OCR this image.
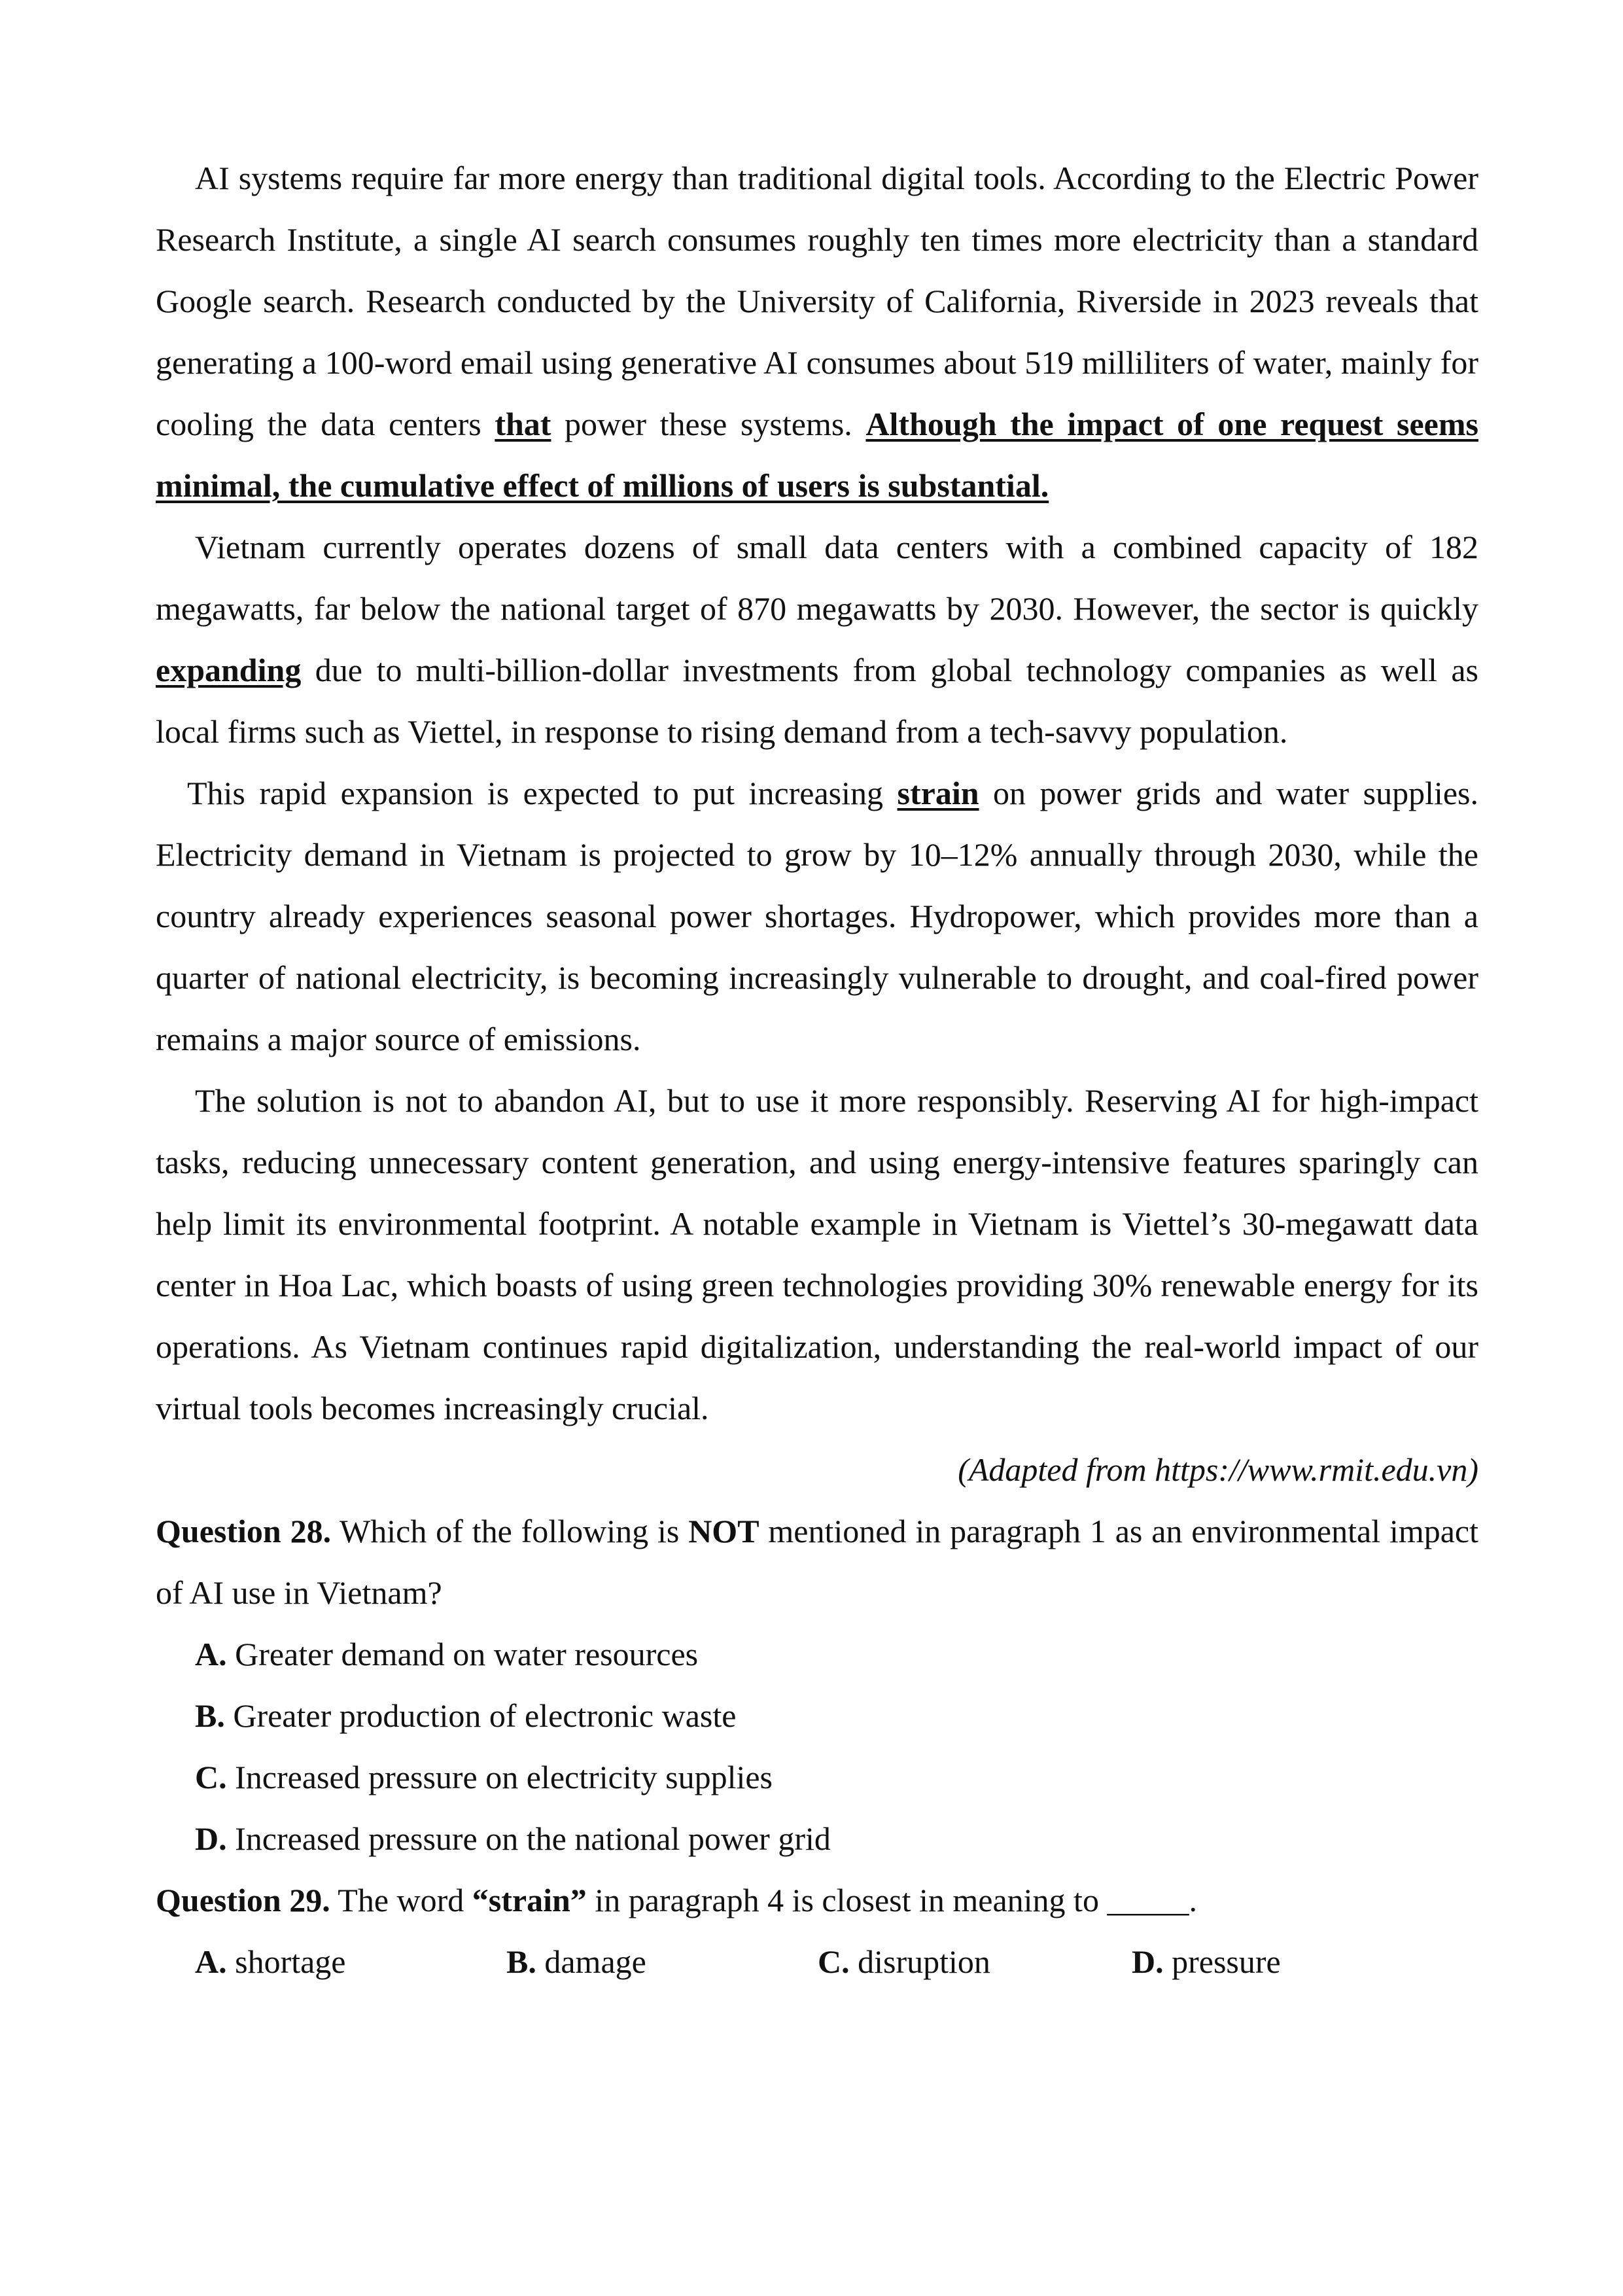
AI systems require far more energy than traditional digital tools. According to the Electric Power Research Institute, a single AI search consumes roughly ten times more electricity than a standard Google search. Research conducted by the University of California, Riverside in 2023 reveals that generating a 100-word email using generative AI consumes about 519 milliliters of water, mainly for cooling the data centers that power these systems. Although the impact of one request seems minimal, the cumulative effect of millions of users is substantial.

Vietnam currently operates dozens of small data centers with a combined capacity of 182 megawatts, far below the national target of 870 megawatts by 2030. However, the sector is quickly expanding due to multi-billion-dollar investments from global technology companies as well as local firms such as Viettel, in response to rising demand from a tech-savvy population.

This rapid expansion is expected to put increasing strain on power grids and water supplies. Electricity demand in Vietnam is projected to grow by 10–12% annually through 2030, while the country already experiences seasonal power shortages. Hydropower, which provides more than a quarter of national electricity, is becoming increasingly vulnerable to drought, and coal-fired power remains a major source of emissions.

The solution is not to abandon AI, but to use it more responsibly. Reserving AI for high-impact tasks, reducing unnecessary content generation, and using energy-intensive features sparingly can help limit its environmental footprint. A notable example in Vietnam is Viettel’s 30-megawatt data center in Hoa Lac, which boasts of using green technologies providing 30% renewable energy for its operations. As Vietnam continues rapid digitalization, understanding the real-world impact of our virtual tools becomes increasingly crucial.

(Adapted from https://www.rmit.edu.vn)

Question 28. Which of the following is NOT mentioned in paragraph 1 as an environmental impact of AI use in Vietnam?

A. Greater demand on water resources

B. Greater production of electronic waste

C. Increased pressure on electricity supplies

D. Increased pressure on the national power grid

Question 29. The word “strain” in paragraph 4 is closest in meaning to _____.

A. shortage	B. damage	C. disruption	D. pressure
